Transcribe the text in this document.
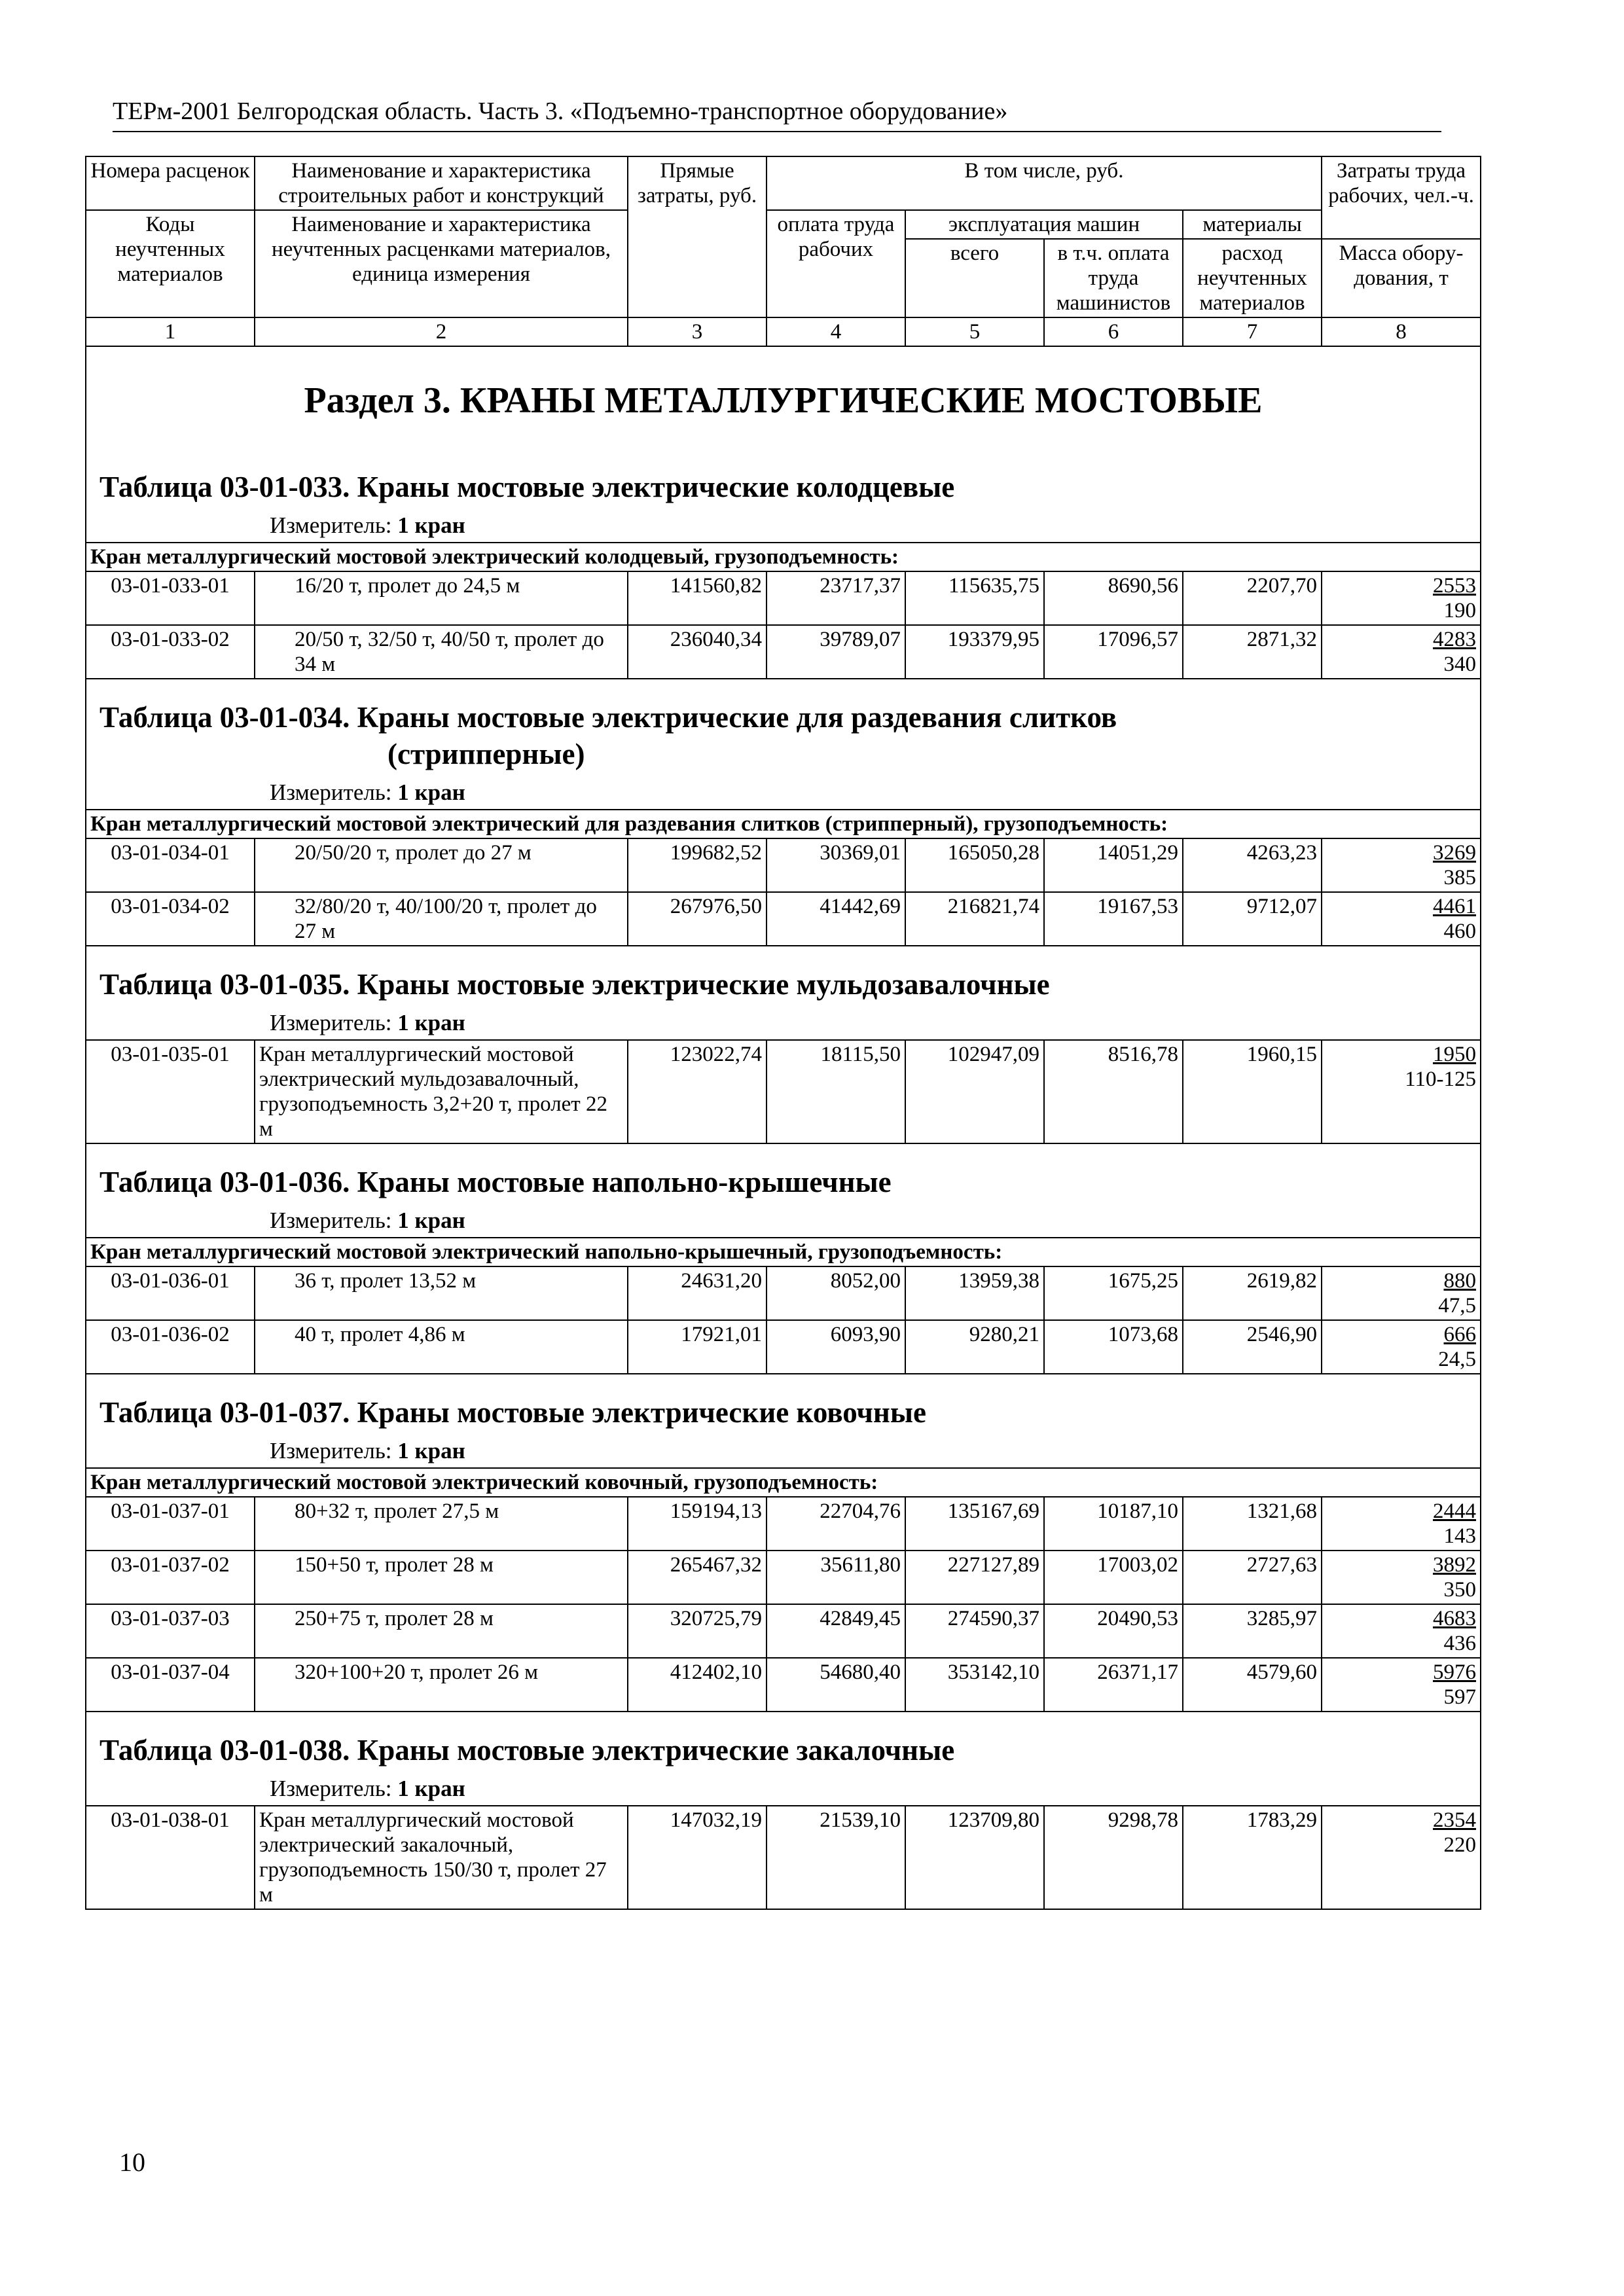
ТЕРм-2001 Белгородская область. Часть 3. «Подъемно-транспортное оборудование»
Номера расценок	Наименование и характеристика строительных работ и конструкций	Прямые затраты, руб.	В том числе, руб.				Затраты труда рабочих, чел.-ч.
Коды неучтенных материалов	Наименование и характеристика неучтенных расценками материалов, единица измерения		оплата труда рабочих	эксплуатация машин		материалы	
				всего	в т.ч. оплата труда машинистов	расход неучтенных материалов	Масса обору-дования, т
1	2	3	4	5	6	7	8

Раздел 3. КРАНЫ МЕТАЛЛУРГИЧЕСКИЕ МОСТОВЫЕ							

Таблица 03-01-033. Краны мостовые электрические колодцевые
Измеритель: 1 кран							

Кран металлургический мостовой электрический колодцевый, грузоподъемность:							
03-01-033-01	16/20 т, пролет до 24,5 м	141560,82	23717,37	115635,75	8690,56	2207,70	2553
190

03-01-033-02	20/50 т, 32/50 т, 40/50 т, пролет до 34 м	236040,34	39789,07	193379,95	17096,57	2871,32	4283
340

Таблица 03-01-034. Краны мостовые электрические для раздевания слитков
(стрипперные)
Измеритель: 1 кран							

Кран металлургический мостовой электрический для раздевания слитков (стрипперный), грузоподъемность:							
03-01-034-01	20/50/20 т, пролет до 27 м	199682,52	30369,01	165050,28	14051,29	4263,23	3269
385

03-01-034-02	32/80/20 т, 40/100/20 т, пролет до 27 м	267976,50	41442,69	216821,74	19167,53	9712,07	4461
460

Таблица 03-01-035. Краны мостовые электрические мульдозавалочные
Измеритель: 1 кран							

03-01-035-01	Кран металлургический мостовой электрический мульдозавалочный, грузоподъемность 3,2+20 т, пролет 22 м	123022,74	18115,50	102947,09	8516,78	1960,15	1950
110-125

Таблица 03-01-036. Краны мостовые напольно-крышечные
Измеритель: 1 кран							

Кран металлургический мостовой электрический напольно-крышечный, грузоподъемность:							
03-01-036-01	36 т, пролет 13,52 м	24631,20	8052,00	13959,38	1675,25	2619,82	880
47,5

03-01-036-02	40 т, пролет 4,86 м	17921,01	6093,90	9280,21	1073,68	2546,90	666
24,5

Таблица 03-01-037. Краны мостовые электрические ковочные
Измеритель: 1 кран							

Кран металлургический мостовой электрический ковочный, грузоподъемность:							
03-01-037-01	80+32 т, пролет 27,5 м	159194,13	22704,76	135167,69	10187,10	1321,68	2444
143

03-01-037-02	150+50 т, пролет 28 м	265467,32	35611,80	227127,89	17003,02	2727,63	3892
350

03-01-037-03	250+75 т, пролет 28 м	320725,79	42849,45	274590,37	20490,53	3285,97	4683
436

03-01-037-04	320+100+20 т, пролет 26 м	412402,10	54680,40	353142,10	26371,17	4579,60	5976
597

Таблица 03-01-038. Краны мостовые электрические закалочные
Измеритель: 1 кран							

03-01-038-01	Кран металлургический мостовой электрический закалочный, грузоподъемность 150/30 т, пролет 27 м	147032,19	21539,10	123709,80	9298,78	1783,29	2354
220
10
